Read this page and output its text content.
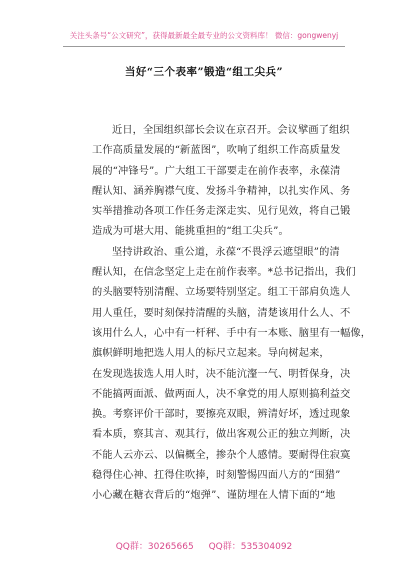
关注头条号“公文研究”，获得最新最全最专业的公文资料库！ 微信：gongwenyj
当好“三个表率”锻造“组工尖兵”
近日，全国组织部长会议在京召开。会议擘画了组织
工作高质量发展的“新蓝图”，吹响了组织工作高质量发
展的“冲锋号”。广大组工干部要走在前作表率，永葆清
醒认知、涵养胸襟气度、发扬斗争精神，以扎实作风、务
实举措推动各项工作任务走深走实、见行见效，将自己锻
造成为可堪大用、能挑重担的“组工尖兵”。
坚持讲政治、重公道，永葆“不畏浮云遮望眼”的清
醒认知，在信念坚定上走在前作表率。*总书记指出，我们
的头脑要特别清醒、立场要特别坚定。组工干部肩负选人
用人重任，要时刻保持清醒的头脑，清楚该用什么人、不
该用什么人，心中有一杆秤、手中有一本账、脑里有一幅像，
旗帜鲜明地把选人用人的标尺立起来。导向树起来，
在发现选拔选人用人时，决不能沆瀣一气、明哲保身，决
不能搞两面派、做两面人，决不拿党的用人原则搞利益交
换。考察评价干部时，要擦亮双眼，辨清好坏，透过现象
看本质，察其言、观其行，做出客观公正的独立判断，决
不能人云亦云、以偏概全，掺杂个人感情。要耐得住寂寞
稳得住心神、扛得住吹捧，时刻警惕四面八方的“围猎”
小心藏在糖衣背后的“炮弹”、谨防埋在人情下面的“地
QQ群：30265665 QQ群：535304092
